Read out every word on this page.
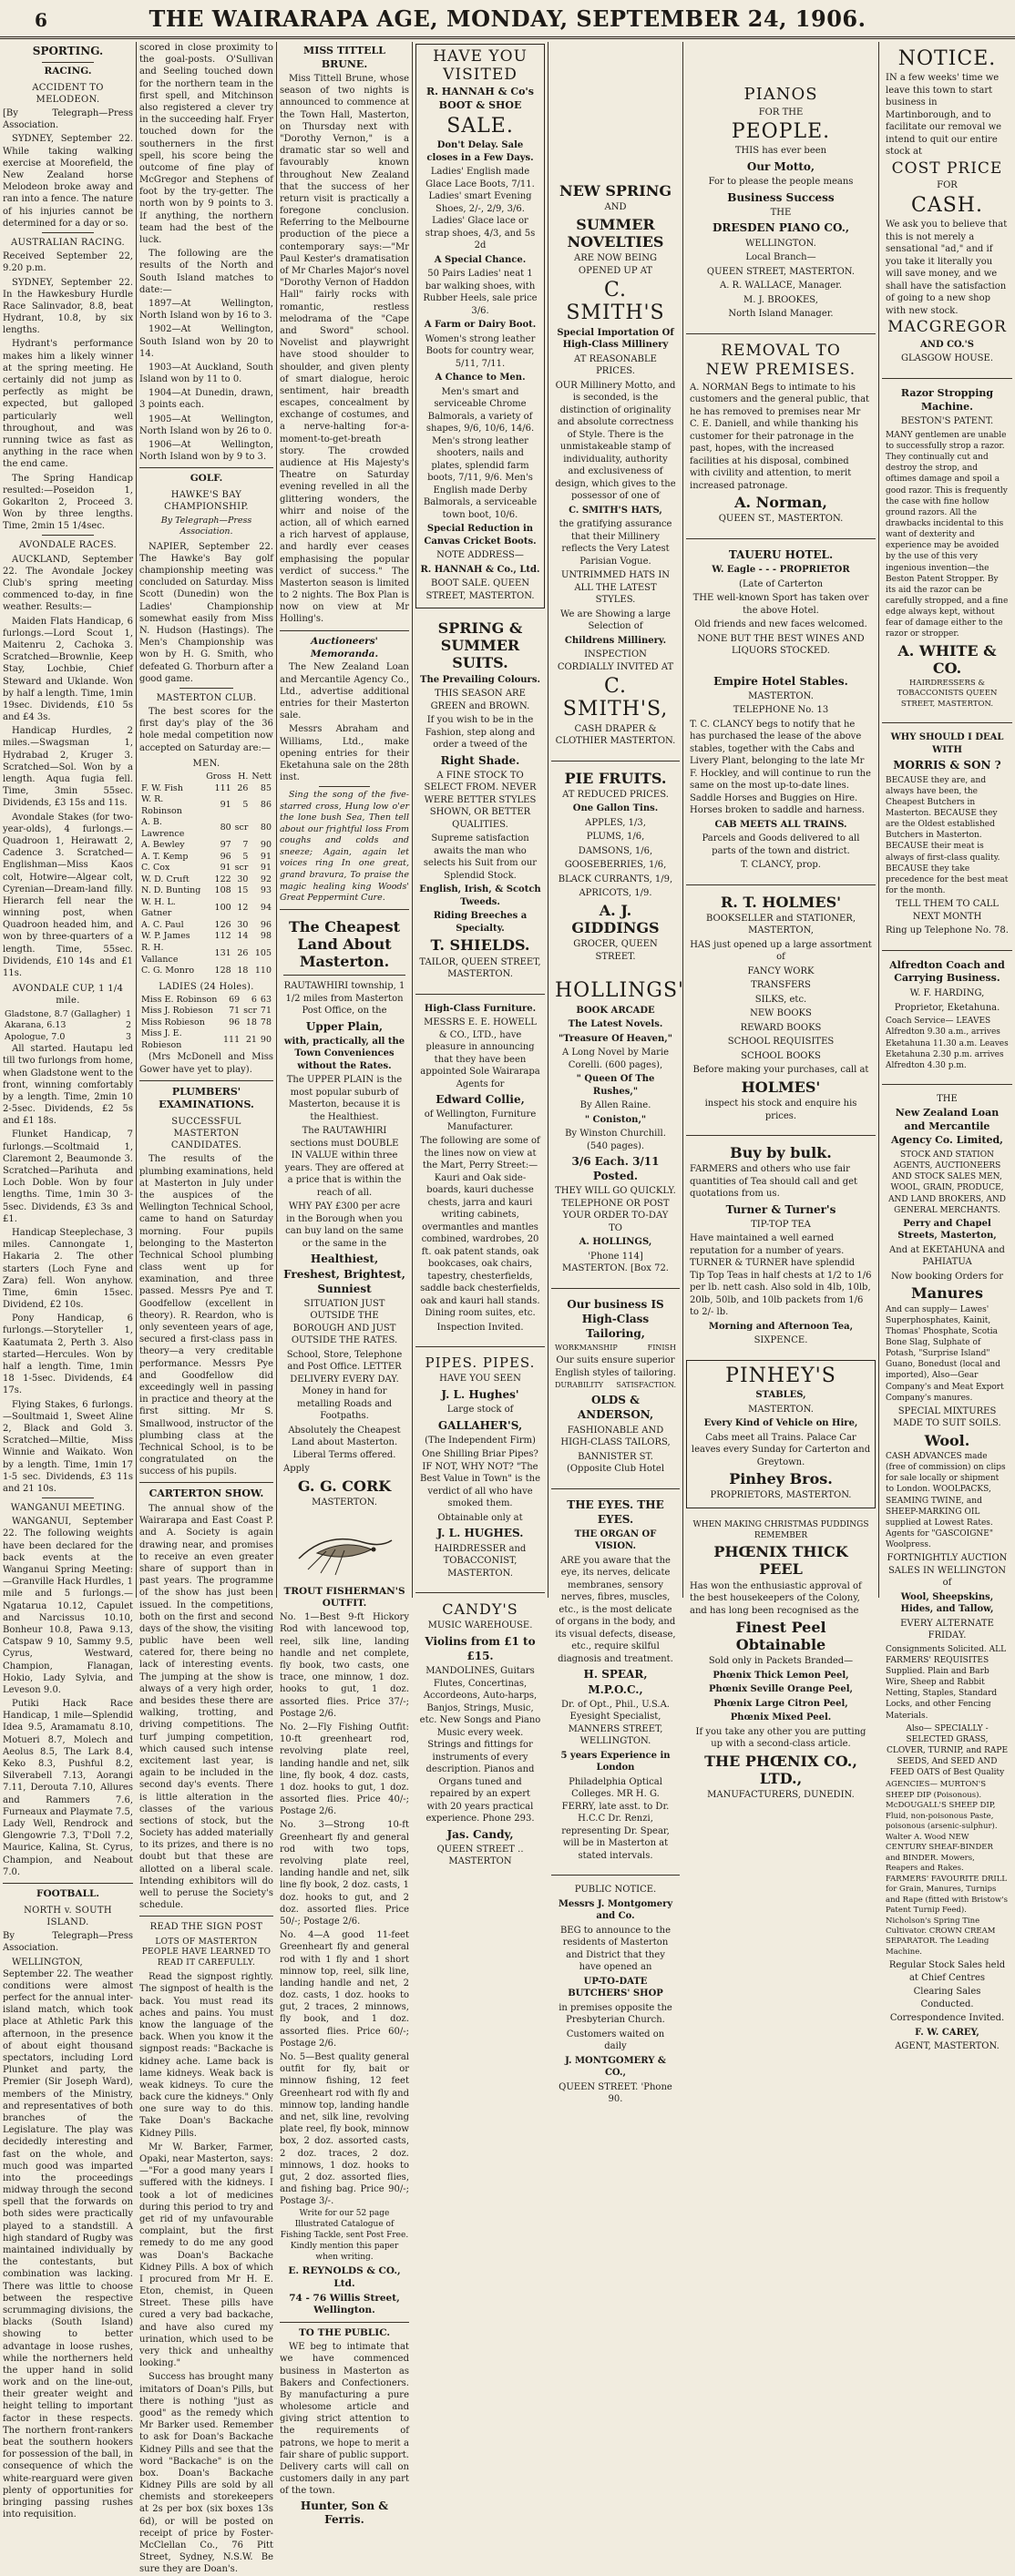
6	THE WAIRARAPA AGE, MONDAY, SEPTEMBER 24, 1906.
SPORTING.
RACING.
ACCIDENT TO MELODEON.

[By Telegraph—Press Association.

SYDNEY, September 22. While taking walking exercise at Moorefield, the New Zealand horse Melodeon broke away and ran into a fence. The nature of his injuries cannot be determined for a day or so.

AUSTRALIAN RACING.

Received September 22, 9.20 p.m.

SYDNEY, September 22. In the Hawkesbury Hurdle Race Salinvador, 8.8, beat Hydrant, 10.8, by six lengths.

Hydrant's performance makes him a likely winner at the spring meeting. He certainly did not jump as perfectly as might be expected, but galloped particularly well throughout, and was running twice as fast as anything in the race when the end came.

The Spring Handicap resulted:—Poseidon 1, Gokarlton 2, Proceed 3. Won by three lengths. Time, 2min 15 1/4sec.

AVONDALE RACES.

AUCKLAND, September 22. The Avondale Jockey Club's spring meeting commenced to-day, in fine weather. Results:—

Maiden Flats Handicap, 6 furlongs.—Lord Scout 1, Maitenru 2, Cachoka 3. Scratched—Brownlie, Keep Stay, Lochbie, Chief Steward and Uklande. Won by half a length. Time, 1min 19sec. Dividends, £10 5s and £4 3s.

Handicap Hurdles, 2 miles.—Swagsman 1, Hydrabad 2, Kruger 3. Scratched—Sol. Won by a length. Aqua fugia fell. Time, 3min 55sec. Dividends, £3 15s and 11s.

Avondale Stakes (for two-year-olds), 4 furlongs.—Quadroon 1, Heirawatt 2, Cadence 3. Scratched—Englishman—Miss Kaos colt, Hotwire—Algear colt, Cyrenian—Dream-land filly. Hierarch fell near the winning post, when Quadroon headed him, and won by three-quarters of a length. Time, 55sec. Dividends, £10 14s and £1 11s.

AVONDALE CUP, 1 1/4 mile.
Gladstone, 8.7 (Gallagher)	1
Akarana, 6.13	2
Apologue, 7.0	3

All started. Hautapu led till two furlongs from home, when Gladstone went to the front, winning comfortably by a length. Time, 2min 10 2-5sec. Dividends, £2 5s and £1 18s.

Flunket Handicap, 7 furlongs.—Scoltmaid 1, Claremont 2, Beaumonde 3. Scratched—Parihuta and Loch Doble. Won by four lengths. Time, 1min 30 3-5sec. Dividends, £3 3s and £1.

Handicap Steeplechase, 3 miles. Cannongate 1, Hakaria 2. The other starters (Loch Fyne and Zara) fell. Won anyhow. Time, 6min 15sec. Dividend, £2 10s.

Pony Handicap, 6 furlongs.—Storyteller 1, Kaatumata 2, Perth 3. Also started—Hercules. Won by half a length. Time, 1min 18 1-5sec. Dividends, £4 17s.

Flying Stakes, 6 furlongs.—Soultmaid 1, Sweet Aline 2, Black and Gold 3. Scratched—Miltie, Miss Winnie and Waikato. Won by a length. Time, 1min 17 1-5 sec. Dividends, £3 11s and 21 10s.

WANGANUI MEETING.

WANGANUI, September 22. The following weights have been declared for the back events at the Wanganui Spring Meeting:—Granville Hack Hurdles, 1 mile and 5 furlongs.—Ngatarua 10.12, Capulet and Narcissus 10.10, Bonheur 10.8, Pawa 9.13, Catspaw 9 10, Sammy 9.5, Cyrus, Westward, Champion, Flanagan, Hokio, Lady Sylvia, and Leveson 9.0.

Putiki Hack Race Handicap, 1 mile—Splendid Idea 9.5, Aramamatu 8.10, Motueri 8.7, Molech and Aeolus 8.5, The Lark 8.4, Keko 8.3, Pushful 8.2, Silverabell 7.13, Aorangi 7.11, Derouta 7.10, Allures and Rammers 7.6, Furneaux and Playmate 7.5, Lady Well, Rendrock and Glengowrie 7.3, T'Doll 7.2, Maurice, Kalina, St. Cyrus, Champion, and Neabout 7.0.

FOOTBALL.
NORTH v. SOUTH ISLAND.

By Telegraph—Press Association.

WELLINGTON, September 22. The weather conditions were almost perfect for the annual inter-island match, which took place at Athletic Park this afternoon, in the presence of about eight thousand spectators, including Lord Plunket and party, the Premier (Sir Joseph Ward), members of the Ministry, and representatives of both branches of the Legislature. The play was decidedly interesting and fast on the whole, and much good was imparted into the proceedings midway through the second spell that the forwards on both sides were practically played to a standstill. A high standard of Rugby was maintained individually by the contestants, but combination was lacking. There was little to choose between the respective scrummaging divisions, the blacks (South Island) showing to better advantage in loose rushes, while the northerners held the upper hand in solid work and on the line-out, their greater weight and height telling to important factor in these respects. The northern front-rankers beat the southern hookers for possession of the ball, in consequence of which the white-rearguard were given plenty of opportunities for bringing passing rushes into requisition.

scored in close proximity to the goal-posts. O'Sullivan and Seeling touched down for the northern team in the first spell, and Mitchinson also registered a clever try in the succeeding half. Fryer touched down for the southerners in the first spell, his score being the outcome of fine play of McGregor and Stephens of foot by the try-getter. The north won by 9 points to 3. If anything, the northern team had the best of the luck.

The following are the results of the North and South Island matches to date:—

1897—At Wellington, North Island won by 16 to 3.

1902—At Wellington, South Island won by 20 to 14.

1903—At Auckland, South Island won by 11 to 0.

1904—At Dunedin, drawn, 3 points each.

1905—At Wellington, North Island won by 26 to 0.

1906—At Wellington, North Island won by 9 to 3.

GOLF.
HAWKE'S BAY CHAMPIONSHIP.
By Telegraph—Press Association.

NAPIER, September 22. The Hawke's Bay golf championship meeting was concluded on Saturday. Miss Scott (Dunedin) won the Ladies' Championship somewhat easily from Miss N. Hudson (Hastings). The Men's Championship was won by H. G. Smith, who defeated G. Thorburn after a good game.

MASTERTON CLUB.

The best scores for the first day's play of the 36 hole medal competition now accepted on Saturday are:—

MEN.
	Gross	H.	Nett
F. W. Fish	111	26	85
W. R. Robinson	91	5	86
A. B. Lawrence	80	scr	80
A. Bewley	97	7	90
A. T. Kemp	96	5	91
C. Cox	91	scr	91
W. D. Cruft	122	30	92
N. D. Bunting	108	15	93
W. H. L. Gatner	100	12	94
A. C. Paul	126	30	96
W. P. James	112	14	98
R. H. Vallance	131	26	105
C. G. Monro	128	18	110
LADIES (24 Holes).
Miss E. Robinson	69	6	63
Miss J. Robieson	71	scr	71
Miss Robieson	96	18	78
Miss J. E. Robieson	111	21	90

(Mrs McDonell and Miss Gower have yet to play).

PLUMBERS' EXAMINATIONS.
SUCCESSFUL MASTERTON CANDIDATES.

The results of the plumbing examinations, held at Masterton in July under the auspices of the Wellington Technical School, came to hand on Saturday morning. Four pupils belonging to the Masterton Technical School plumbing class went up for examination, and three passed. Messrs Pye and T. Goodfellow (excellent in theory). R. Reardon, who is only seventeen years of age, secured a first-class pass in theory—a very creditable performance. Messrs Pye and Goodfellow did exceedingly well in passing in practice and theory at the first sitting. Mr S. Smallwood, instructor of the plumbing class at the Technical School, is to be congratulated on the success of his pupils.

CARTERTON SHOW.

The annual show of the Wairarapa and East Coast P. and A. Society is again drawing near, and promises to receive an even greater share of support than in past years. The programme of the show has just been issued. In the competitions, both on the first and second days of the show, the visiting public have been well catered for, there being no lack of interesting events. The jumping at the show is always of a very high order, and besides these there are walking, trotting, and driving competitions. The turf jumping competition, which caused such intense excitement last year, is again to be included in the second day's events. There is little alteration in the classes of the various sections of stock, but the Society has added materially to its prizes, and there is no doubt but that these are allotted on a liberal scale. Intending exhibitors will do well to peruse the Society's schedule.

READ THE SIGN POST
LOTS OF MASTERTON PEOPLE HAVE LEARNED TO READ IT CAREFULLY.

Read the signpost rightly. The signpost of health is the back. You must read its aches and pains. You must know the language of the back. When you know it the signpost reads: "Backache is kidney ache. Lame back is lame kidneys. Weak back is weak kidneys. To cure the back cure the kidneys." Only one sure way to do this. Take Doan's Backache Kidney Pills.

Mr W. Barker, Farmer, Opaki, near Masterton, says:—"For a good many years I suffered with the kidneys. I took a lot of medicines during this period to try and get rid of my unfavourable complaint, but the first remedy to do me any good was Doan's Backache Kidney Pills. A box of which I procured from Mr H. E. Eton, chemist, in Queen Street. These pills have cured a very bad backache, and have also cured my urination, which used to be very thick and unhealthy looking."

Success has brought many imitators of Doan's Pills, but there is nothing "just as good" as the remedy which Mr Barker used. Remember to ask for Doan's Backache Kidney Pills and see that the word "Backache" is on the box. Doan's Backache Kidney Pills are sold by all chemists and storekeepers at 2s per box (six boxes 13s 6d), or will be posted on receipt of price by Foster-McClellan Co., 76 Pitt Street, Sydney, N.S.W. Be sure they are Doan's.

MISS TITTELL BRUNE.

Miss Tittell Brune, whose season of two nights is announced to commence at the Town Hall, Masterton, on Thursday next with "Dorothy Vernon," is a dramatic star so well and favourably known throughout New Zealand that the success of her return visit is practically a foregone conclusion. Referring to the Melbourne production of the piece a contemporary says:—"Mr Paul Kester's dramatisation of Mr Charles Major's novel "Dorothy Vernon of Haddon Hall" fairly rocks with romantic, restless melodrama of the "Cape and Sword" school. Novelist and playwright have stood shoulder to shoulder, and given plenty of smart dialogue, heroic sentiment, hair breadth escapes, concealment by exchange of costumes, and a nerve-halting for-a-moment-to-get-breath story. The crowded audience at His Majesty's Theatre on Saturday evening revelled in all the glittering wonders, the whirr and noise of the action, all of which earned a rich harvest of applause, and hardly ever ceases emphasising the popular verdict of success." The Masterton season is limited to 2 nights. The Box Plan is now on view at Mr Holling's.

Auctioneers' Memoranda.

The New Zealand Loan and Mercantile Agency Co., Ltd., advertise additional entries for their Masterton sale.

Messrs Abraham and Williams, Ltd., make opening entries for their Eketahuna sale on the 28th inst.

Sing the song of the five-starred cross, Hung low o'er the lone bush Sea, Then tell about our frightful loss From coughs and colds and sneeze; Again, again let voices ring In one great, grand bravura, To praise the magic healing king Woods' Great Peppermint Cure.

The Cheapest Land About Masterton.

RAUTAWHIRI township, 1 1/2 miles from Masterton Post Office, on the

Upper Plain,

with, practically, all the Town Conveniences without the Rates.

The UPPER PLAIN is the most popular suburb of Masterton, because it is the Healthiest.

The RAUTAWHIRI sections must DOUBLE IN VALUE within three years. They are offered at a price that is within the reach of all.

WHY PAY £300 per acre in the Borough when you can buy land on the same or the same in the

Healthiest, Freshest, Brightest, Sunniest

SITUATION JUST OUTSIDE THE BOROUGH AND JUST OUTSIDE THE RATES.

School, Store, Telephone and Post Office. LETTER DELIVERY EVERY DAY. Money in hand for metalling Roads and Footpaths.

Absolutely the Cheapest Land about Masterton. Liberal Terms offered.

Apply

G. G. CORK

MASTERTON.

TROUT FISHERMAN'S OUTFIT.

No. 1—Best 9-ft Hickory Rod with lancewood top, reel, silk line, landing handle and net complete, fly book, two casts, one trace, one minnow, 1 doz. hooks to gut, 1 doz. assorted flies. Price 37/-; Postage 2/6.

No. 2—Fly Fishing Outfit: 10-ft greenheart rod, revolving plate reel, landing handle and net, silk line, fly book, 4 doz. casts, 1 doz. hooks to gut, 1 doz. assorted flies. Price 40/-; Postage 2/6.

No. 3—Strong 10-ft Greenheart fly and general rod with two tops, revolving plate reel, landing handle and net, silk line fly book, 2 doz. casts, 1 doz. hooks to gut, and 2 doz. assorted flies. Price 50/-; Postage 2/6.

No. 4—A good 11-feet Greenheart fly and general rod with 1 fly and 1 short minnow top, reel, silk line, landing handle and net, 2 doz. casts, 1 doz. hooks to gut, 2 traces, 2 minnows, fly book, and 1 doz. assorted flies. Price 60/-; Postage 2/6.

No. 5—Best quality general outfit for fly, bait or minnow fishing, 12 feet Greenheart rod with fly and minnow top, landing handle and net, silk line, revolving plate reel, fly book, minnow box, 2 doz. assorted casts, 2 doz. traces, 2 doz. minnows, 1 doz. hooks to gut, 2 doz. assorted flies, and fishing bag. Price 90/-; Postage 3/-.

Write for our 52 page Illustrated Catalogue of Fishing Tackle, sent Post Free. Kindly mention this paper when writing.

E. REYNOLDS & CO., Ltd.
74 - 76 Willis Street, Wellington.
TO THE PUBLIC.

WE beg to intimate that we have commenced business in Masterton as Bakers and Confectioners. By manufacturing a pure wholesome article and giving strict attention to the requirements of patrons, we hope to merit a fair share of public support. Delivery carts will call on customers daily in any part of the town.

Hunter, Son & Ferris.

HAVE YOU VISITED

R. HANNAH & Co's BOOT & SHOE

SALE.

Don't Delay. Sale closes in a Few Days.

Ladies' English made Glace Lace Boots, 7/11. Ladies' smart Evening Shoes, 2/-, 2/9, 3/6. Ladies' Glace lace or strap shoes, 4/3, and 5s 2d

A Special Chance.

50 Pairs Ladies' neat 1 bar walking shoes, with Rubber Heels, sale price 3/6.

A Farm or Dairy Boot.

Women's strong leather Boots for country wear, 5/11, 7/11.

A Chance to Men.

Men's smart and serviceable Chrome Balmorals, a variety of shapes, 9/6, 10/6, 14/6. Men's strong leather shooters, nails and plates, splendid farm boots, 7/11, 9/6. Men's English made Derby Balmorals, a serviceable town boot, 10/6.

Special Reduction in Canvas Cricket Boots.

NOTE ADDRESS—

R. HANNAH & Co., Ltd.

BOOT SALE. QUEEN STREET, MASTERTON.

SPRING & SUMMER SUITS.

The Prevailing Colours.

THIS SEASON ARE GREEN and BROWN.

If you wish to be in the Fashion, step along and order a tweed of the

Right Shade.

A FINE STOCK TO SELECT FROM. NEVER WERE BETTER STYLES SHOWN, OR BETTER QUALITIES.

Supreme satisfaction awaits the man who selects his Suit from our Splendid Stock.

English, Irish, & Scotch Tweeds.

Riding Breeches a Specialty.

T. SHIELDS.

TAILOR, QUEEN STREET, MASTERTON.

High-Class Furniture.

MESSRS E. E. HOWELL & CO., LTD., have pleasure in announcing that they have been appointed Sole Wairarapa Agents for

Edward Collie,

of Wellington, Furniture Manufacturer.

The following are some of the lines now on view at the Mart, Perry Street:—Kauri and Oak side-boards, kauri duchesse chests, jarra and kauri writing cabinets, overmantles and mantles combined, wardrobes, 20 ft. oak patent stands, oak bookcases, oak chairs, tapestry, chesterfields, saddle back chesterfields, oak and kauri hall stands. Dining room suites, etc.

Inspection Invited.

PIPES. PIPES.

HAVE YOU SEEN

J. L. Hughes'

Large stock of

GALLAHER'S,

(The Independent Firm)

One Shilling Briar Pipes? IF NOT, WHY NOT? "The Best Value in Town" is the verdict of all who have smoked them.

Obtainable only at

J. L. HUGHES.

HAIRDRESSER and TOBACCONIST, MASTERTON.

CANDY'S

MUSIC WAREHOUSE.

Violins from £1 to £15.

MANDOLINES, Guitars Flutes, Concertinas, Accordeons, Auto-harps, Banjos, Strings, Music, etc. New Songs and Piano Music every week. Strings and fittings for instruments of every description. Pianos and Organs tuned and repaired by an expert with 20 years practical experience. Phone 293.

Jas. Candy,

QUEEN STREET .. MASTERTON

NEW SPRING

AND

SUMMER NOVELTIES

ARE NOW BEING OPENED UP AT

C. SMITH'S

Special Importation Of High-Class Millinery

AT REASONABLE PRICES.

OUR Millinery Motto, and is seconded, is the distinction of originality and absolute correctness of Style. There is the unmistakeable stamp of individuality, authority and exclusiveness of design, which gives to the possessor of one of

C. SMITH'S HATS,

the gratifying assurance that their Millinery reflects the Very Latest Parisian Vogue.

UNTRIMMED HATS IN ALL THE LATEST STYLES.

We are Showing a large Selection of

Childrens Millinery.

INSPECTION CORDIALLY INVITED AT

C. SMITH'S,

CASH DRAPER & CLOTHIER MASTERTON.

PIE FRUITS.

AT REDUCED PRICES.

One Gallon Tins.

APPLES, 1/3,

PLUMS, 1/6,

DAMSONS, 1/6,

GOOSEBERRIES, 1/6,

BLACK CURRANTS, 1/9,

APRICOTS, 1/9.

A. J. GIDDINGS

GROCER, QUEEN STREET.

HOLLINGS'

BOOK ARCADE

The Latest Novels.

"Treasure Of Heaven,"

A Long Novel by Marie Corelli. (600 pages),

" Queen Of The Rushes,"

By Allen Raine.

" Coniston,"

By Winston Churchill. (540 pages).

3/6 Each. 3/11 Posted.

THEY WILL GO QUICKLY. TELEPHONE OR POST YOUR ORDER TO-DAY TO

A. HOLLINGS,

'Phone 114] MASTERTON. [Box 72.

Our business IS High-Class Tailoring,

WORKMANSHIP	FINISH

Our suits ensure superior English styles of tailoring.

DURABILITY SATISFACTION.

OLDS & ANDERSON,

FASHIONABLE AND HIGH-CLASS TAILORS,

BANNISTER ST. (Opposite Club Hotel

THE EYES. THE EYES.

THE ORGAN OF VISION.

ARE you aware that the eye, its nerves, delicate membranes, sensory nerves, fibres, muscles, etc., is the most delicate of organs in the body, and its visual defects, disease, etc., require skilful diagnosis and treatment.

H. SPEAR, M.P.O.C.,

Dr. of Opt., Phil., U.S.A. Eyesight Specialist, MANNERS STREET, WELLINGTON.

5 years Experience in London

Philadelphia Optical Colleges. MR H. G. FERRY, late asst. to Dr. H.C.C Dr. Renzi, representing Dr. Spear, will be in Masterton at stated intervals.

PUBLIC NOTICE.

Messrs J. Montgomery and Co.

BEG to announce to the residents of Masterton and District that they have opened an

UP-TO-DATE BUTCHERS' SHOP

in premises opposite the Presbyterian Church.

Customers waited on daily

J. MONTGOMERY & CO.,

QUEEN STREET. 'Phone 90.

PIANOS

FOR THE

PEOPLE.

THIS has ever been

Our Motto,

For to please the people means

Business Success

THE

DRESDEN PIANO CO.,

WELLINGTON.

Local Branch—

QUEEN STREET, MASTERTON.

A. R. WALLACE, Manager.

M. J. BROOKES,

North Island Manager.

REMOVAL TO

NEW PREMISES.

A. NORMAN Begs to intimate to his customers and the general public, that he has removed to premises near Mr C. E. Daniell, and while thanking his customer for their patronage in the past, hopes, with the increased facilities at his disposal, combined with civility and attention, to merit increased patronage.

A. Norman,

QUEEN ST., MASTERTON.

TAUERU HOTEL.

W. Eagle - - - PROPRIETOR

(Late of Carterton

THE well-known Sport has taken over the above Hotel.

Old friends and new faces welcomed.

NONE BUT THE BEST WINES AND LIQUORS STOCKED.

Empire Hotel Stables.

MASTERTON.

TELEPHONE No. 13

T. C. CLANCY begs to notify that he has purchased the lease of the above stables, together with the Cabs and Livery Plant, belonging to the late Mr F. Hockley, and will continue to run the same on the most up-to-date lines. Saddle Horses and Buggies on Hire. Horses broken to saddle and harness.

CAB MEETS ALL TRAINS.

Parcels and Goods delivered to all parts of the town and district.

T. CLANCY, prop.

R. T. HOLMES'

BOOKSELLER and STATIONER, MASTERTON,

HAS just opened up a large assortment of

FANCY WORK

TRANSFERS

SILKS, etc.

NEW BOOKS

REWARD BOOKS

SCHOOL REQUISITES

SCHOOL BOOKS

Before making your purchases, call at

HOLMES'

inspect his stock and enquire his prices.

Buy by bulk.

FARMERS and others who use fair quantities of Tea should call and get quotations from us.

Turner & Turner's

TIP-TOP TEA

Have maintained a well earned reputation for a number of years. TURNER & TURNER have splendid Tip Top Teas in half chests at 1/2 to 1/6 per lb. nett cash. Also sold in 4lb, 10lb, 20lb, 50lb, and 10lb packets from 1/6 to 2/- lb.

Morning and Afternoon Tea,

SIXPENCE.

PINHEY'S

STABLES,

MASTERTON.

Every Kind of Vehicle on Hire,

Cabs meet all Trains. Palace Car leaves every Sunday for Carterton and Greytown.

Pinhey Bros.

PROPRIETORS, MASTERTON.

WHEN MAKING CHRISTMAS PUDDINGS REMEMBER

PHŒNIX THICK PEEL

Has won the enthusiastic approval of the best housekeepers of the Colony, and has long been recognised as the

Finest Peel Obtainable

Sold only in Packets Branded—

Phœnix Thick Lemon Peel,

Phœnix Seville Orange Peel,

Phœnix Large Citron Peel,

Phœnix Mixed Peel.

If you take any other you are putting up with a second-class article.

THE PHŒNIX CO., LTD.,

MANUFACTURERS, DUNEDIN.

NOTICE.

IN a few weeks' time we leave this town to start business in Martinborough, and to facilitate our removal we intend to quit our entire stock at

COST PRICE

FOR

CASH.

We ask you to believe that this is not merely a sensational "ad," and if you take it literally you will save money, and we shall have the satisfaction of going to a new shop with new stock.

MACGREGOR

AND CO.'S

GLASGOW HOUSE.

Razor Stropping Machine.

BESTON'S PATENT.

MANY gentlemen are unable to successfully strop a razor. They continually cut and destroy the strop, and oftimes damage and spoil a good razor. This is frequently the case with fine hollow ground razors. All the drawbacks incidental to this want of dexterity and experience may be avoided by the use of this very ingenious invention—the Beston Patent Stropper. By its aid the razor can be carefully stropped, and a fine edge always kept, without fear of damage either to the razor or stropper.

A. WHITE & CO.

HAIRDRESSERS & TOBACCONISTS QUEEN STREET, MASTERTON.

WHY SHOULD I DEAL WITH

MORRIS & SON ?

BECAUSE they are, and always have been, the Cheapest Butchers in Masterton. BECAUSE they are the Oldest established Butchers in Masterton. BECAUSE their meat is always of first-class quality. BECAUSE they take precedence for the best meat for the month.

TELL THEM TO CALL NEXT MONTH

Ring up Telephone No. 78.

Alfredton Coach and Carrying Business.

W. F. HARDING,

Proprietor, Eketahuna.

Coach Service— LEAVES Alfredton 9.30 a.m., arrives Eketahuna 11.30 a.m. Leaves Eketahuna 2.30 p.m. arrives Alfredton 4.30 p.m.

THE

New Zealand Loan and Mercantile Agency Co. Limited,

STOCK AND STATION AGENTS, AUCTIONEERS AND STOCK SALES MEN, WOOL, GRAIN, PRODUCE, AND LAND BROKERS, AND GENERAL MERCHANTS.

Perry and Chapel Streets, Masterton,

And at EKETAHUNA and PAHIATUA

Now booking Orders for

Manures

And can supply— Lawes' Superphosphates, Kainit, Thomas' Phosphate, Scotia Bone Slag, Sulphate of Potash, "Surprise Island" Guano, Bonedust (local and imported), Also—Gear Company's and Meat Export Company's manures.

SPECIAL MIXTURES MADE TO SUIT SOILS.

Wool.

CASH ADVANCES made (free of commission) on clips for sale locally or shipment to London. WOOLPACKS, SEAMING TWINE, and SHEEP-MARKING OIL supplied at Lowest Rates. Agents for "GASCOIGNE" Woolpress.

FORTNIGHTLY AUCTION SALES IN WELLINGTON of

Wool, Sheepskins, Hides, and Tallow,

EVERY ALTERNATE FRIDAY.

Consignments Solicited. ALL FARMERS' REQUISITES Supplied. Plain and Barb Wire, Sheep and Rabbit Netting, Staples, Standard Locks, and other Fencing Materials.

Also— SPECIALLY - SELECTED GRASS, CLOVER, TURNIP, and RAPE SEEDS, And SEED AND FEED OATS of Best Quality

AGENCIES— MURTON'S SHEEP DIP (Poisonous). McDOUGALL'S SHEEP DIP, Fluid, non-poisonous Paste, poisonous (arsenic-sulphur). Walter A. Wood NEW CENTURY SHEAF-BINDER and BINDER. Mowers, Reapers and Rakes. FARMERS' FAVOURITE DRILL for Grain, Manures, Turnips and Rape (fitted with Bristow's Patent Turnip Feed). Nicholson's Spring Tine Cultivator. CROWN CREAM SEPARATOR. The Leading Machine.

Regular Stock Sales held at Chief Centres

Clearing Sales Conducted.

Correspondence Invited.

F. W. CAREY,

AGENT, MASTERTON.
